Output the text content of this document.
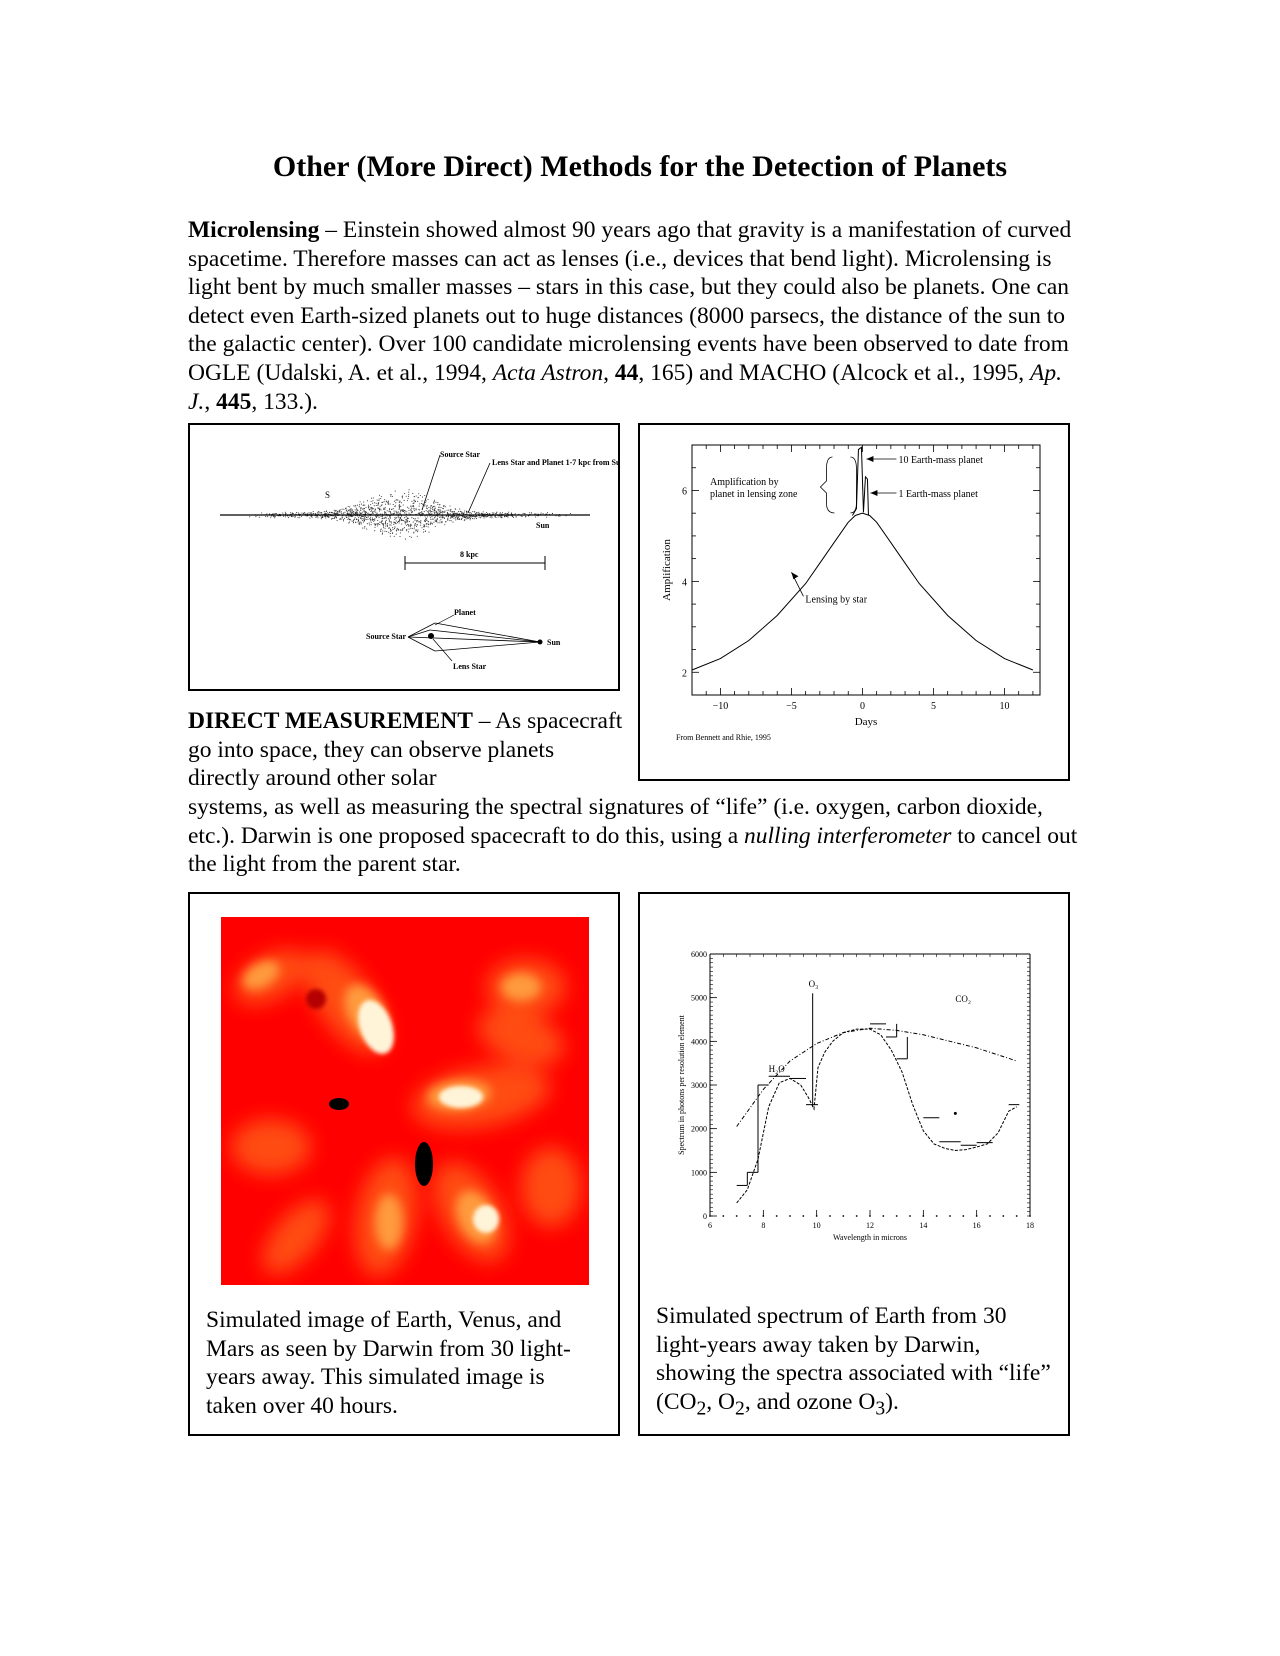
Other (More Direct) Methods for the Detection of Planets
Microlensing – Einstein showed almost 90 years ago that gravity is a manifestation of curved spacetime. Therefore masses can act as lenses (i.e., devices that bend light). Microlensing is light bent by much smaller masses – stars in this case, but they could also be planets. One can detect even Earth-sized planets out to huge distances (8000 parsecs, the distance of the sun to the galactic center). Over 100 candidate microlensing events have been observed to date from OGLE (Udalski, A. et al., 1994, Acta Astron, 44, 165) and MACHO (Alcock et al., 1995, Ap. J., 445, 133.).
S
Source Star
Lens Star and Planet 1-7 kpc from Sun
Sun
8 kpc
Planet
Source Star
Sun
Lens Star
−10	−5	0	5	10
2
4
6
Days
Amplification
Amplification by
planet in lensing zone
10 Earth-mass planet
1 Earth-mass planet
Lensing by star
From Bennett and Rhie, 1995
DIRECT MEASUREMENT – As spacecraft go into space, they can observe planets directly around other solar
systems, as well as measuring the spectral signatures of “life” (i.e. oxygen, carbon dioxide, etc.). Darwin is one proposed spacecraft to do this, using a nulling interferometer to cancel out the light from the parent star.
Simulated image of Earth, Venus, and Mars as seen by Darwin from 30 light-years away. This simulated image is taken over 40 hours.
0
1000
2000
3000
4000
5000
6000
6	8	10	12	14	16	18
Wavelength in microns
Spectrum in photons per resolution element
O₃
H₂O
CO₂
Simulated spectrum of Earth from 30 light-years away taken by Darwin, showing the spectra associated with “life” ($CO_2$, $O_2$, and ozone $O_3$).
